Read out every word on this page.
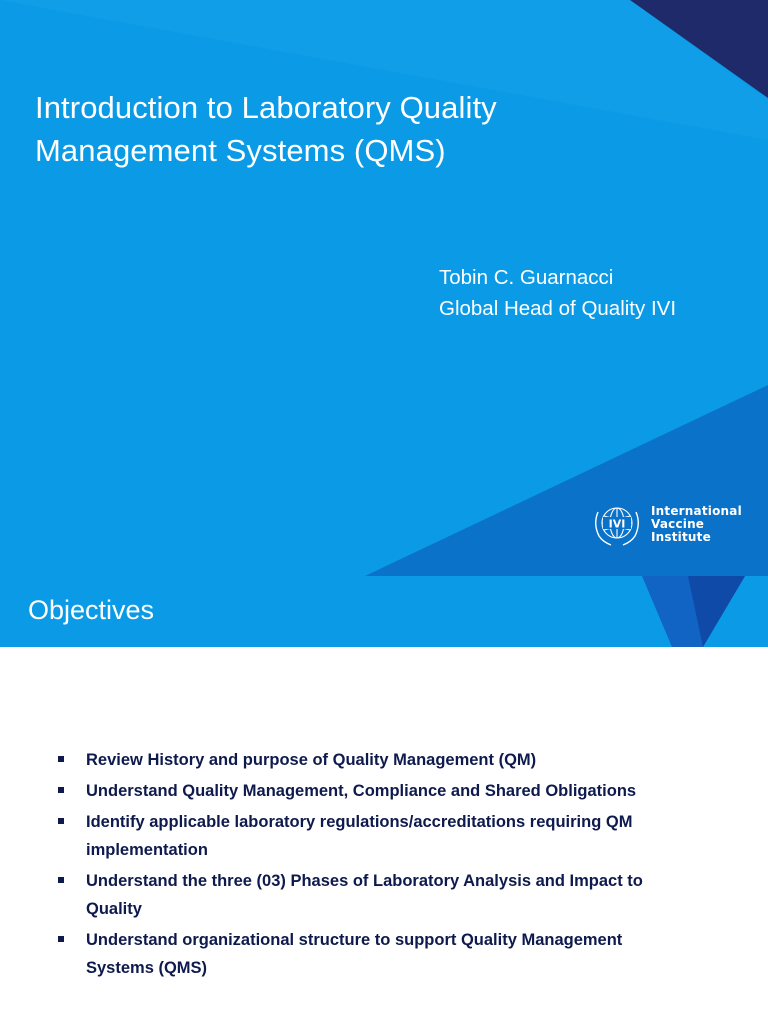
Introduction to Laboratory Quality
Management Systems (QMS)
Tobin C. Guarnacci
Global Head of Quality IVI
IVI
International
Vaccine
Institute
Objectives
Review History and purpose of Quality Management (QM)
Understand Quality Management, Compliance and Shared Obligations
Identify applicable laboratory regulations/accreditations requiring QM
implementation
Understand the three (03) Phases of Laboratory Analysis and Impact to
Quality
Understand organizational structure to support Quality Management
Systems (QMS)
